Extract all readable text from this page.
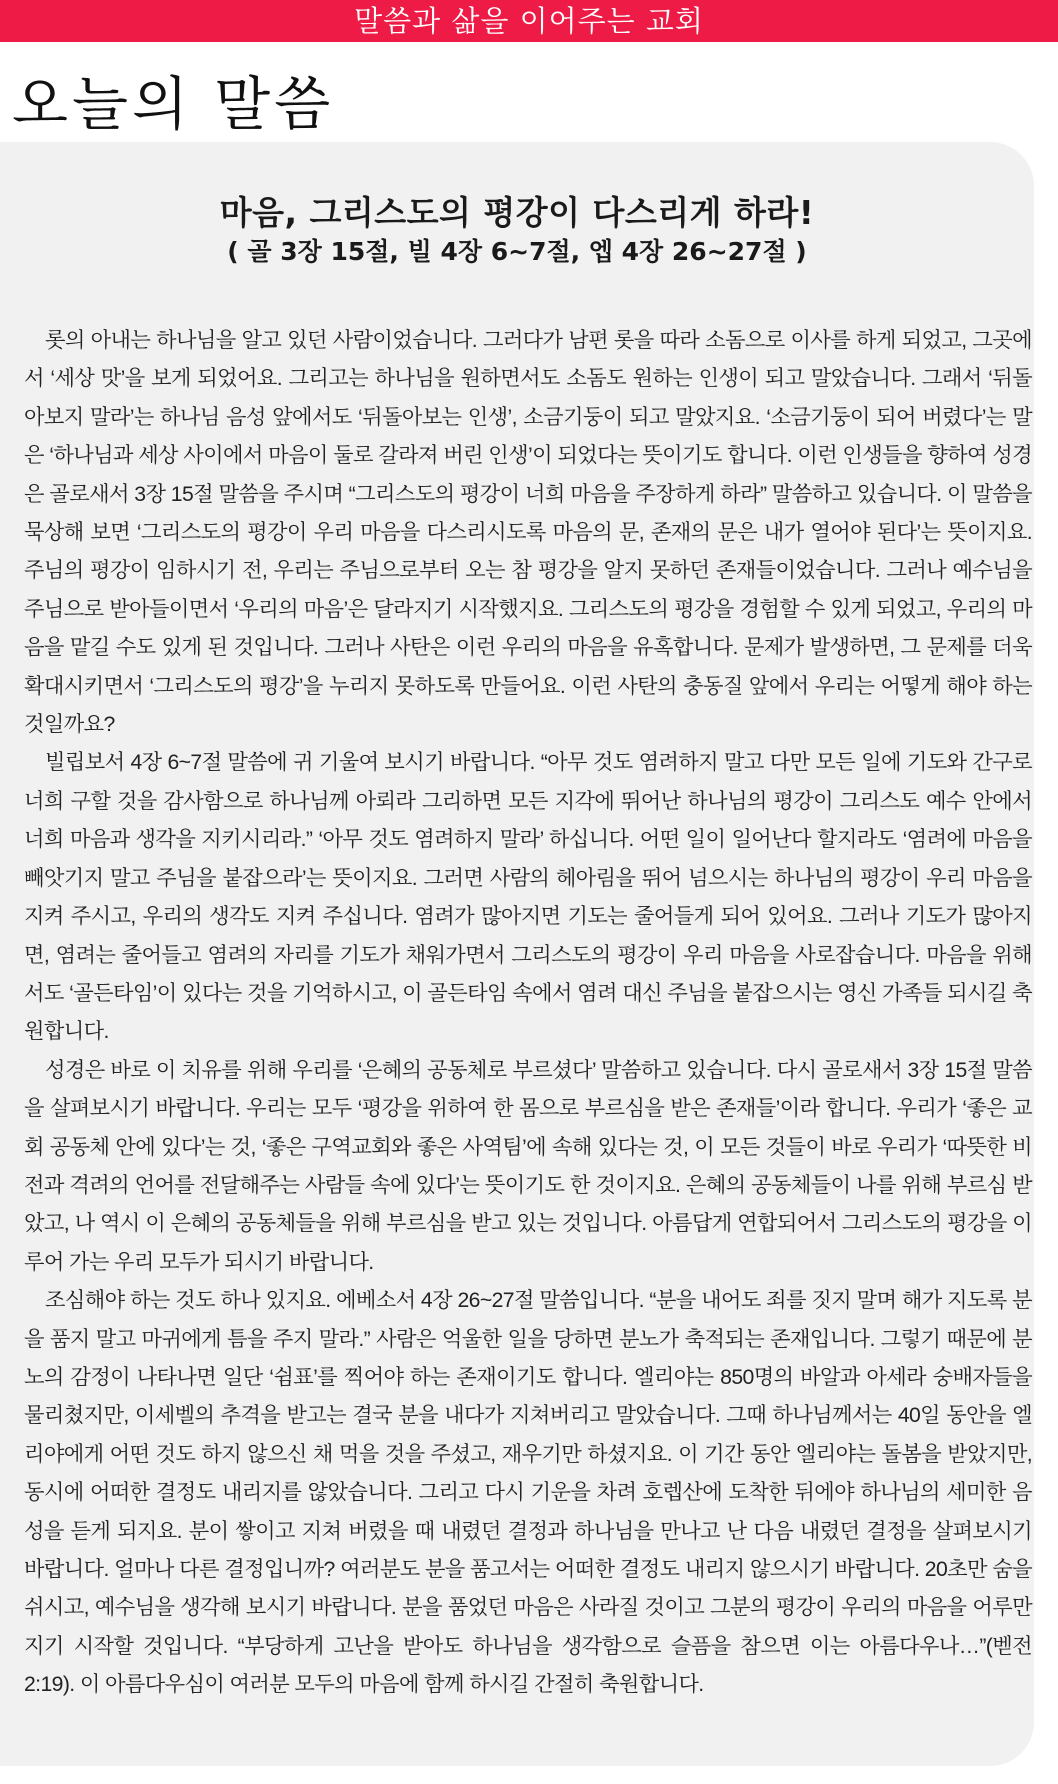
말씀과 삶을 이어주는 교회
오늘의 말씀
마음, 그리스도의 평강이 다스리게 하라!
( 골 3장 15절, 빌 4장 6~7절, 엡 4장 26~27절 )

롯의 아내는 하나님을 알고 있던 사람이었습니다. 그러다가 남편 롯을 따라 소돔으로 이사를 하게 되었고, 그곳에서 ‘세상 맛’을 보게 되었어요. 그리고는 하나님을 원하면서도 소돔도 원하는 인생이 되고 말았습니다. 그래서 ‘뒤돌아보지 말라’는 하나님 음성 앞에서도 ‘뒤돌아보는 인생’, 소금기둥이 되고 말았지요. ‘소금기둥이 되어 버렸다’는 말은 ‘하나님과 세상 사이에서 마음이 둘로 갈라져 버린 인생’이 되었다는 뜻이기도 합니다. 이런 인생들을 향하여 성경은 골로새서 3장 15절 말씀을 주시며 “그리스도의 평강이 너희 마음을 주장하게 하라” 말씀하고 있습니다. 이 말씀을 묵상해 보면 ‘그리스도의 평강이 우리 마음을 다스리시도록 마음의 문, 존재의 문은 내가 열어야 된다’는 뜻이지요. 주님의 평강이 임하시기 전, 우리는 주님으로부터 오는 참 평강을 알지 못하던 존재들이었습니다. 그러나 예수님을 주님으로 받아들이면서 ‘우리의 마음’은 달라지기 시작했지요. 그리스도의 평강을 경험할 수 있게 되었고, 우리의 마음을 맡길 수도 있게 된 것입니다. 그러나 사탄은 이런 우리의 마음을 유혹합니다. 문제가 발생하면, 그 문제를 더욱 확대시키면서 ‘그리스도의 평강’을 누리지 못하도록 만들어요. 이런 사탄의 충동질 앞에서 우리는 어떻게 해야 하는 것일까요?

빌립보서 4장 6~7절 말씀에 귀 기울여 보시기 바랍니다. “아무 것도 염려하지 말고 다만 모든 일에 기도와 간구로 너희 구할 것을 감사함으로 하나님께 아뢰라 그리하면 모든 지각에 뛰어난 하나님의 평강이 그리스도 예수 안에서 너희 마음과 생각을 지키시리라.” ‘아무 것도 염려하지 말라’ 하십니다. 어떤 일이 일어난다 할지라도 ‘염려에 마음을 빼앗기지 말고 주님을 붙잡으라’는 뜻이지요. 그러면 사람의 헤아림을 뛰어 넘으시는 하나님의 평강이 우리 마음을 지켜 주시고, 우리의 생각도 지켜 주십니다. 염려가 많아지면 기도는 줄어들게 되어 있어요. 그러나 기도가 많아지면, 염려는 줄어들고 염려의 자리를 기도가 채워가면서 그리스도의 평강이 우리 마음을 사로잡습니다. 마음을 위해서도 ‘골든타임’이 있다는 것을 기억하시고, 이 골든타임 속에서 염려 대신 주님을 붙잡으시는 영신 가족들 되시길 축원합니다.

성경은 바로 이 치유를 위해 우리를 ‘은혜의 공동체로 부르셨다’ 말씀하고 있습니다. 다시 골로새서 3장 15절 말씀을 살펴보시기 바랍니다. 우리는 모두 ‘평강을 위하여 한 몸으로 부르심을 받은 존재들’이라 합니다. 우리가 ‘좋은 교회 공동체 안에 있다’는 것, ‘좋은 구역교회와 좋은 사역팀’에 속해 있다는 것, 이 모든 것들이 바로 우리가 ‘따뜻한 비전과 격려의 언어를 전달해주는 사람들 속에 있다’는 뜻이기도 한 것이지요. 은혜의 공동체들이 나를 위해 부르심 받았고, 나 역시 이 은혜의 공동체들을 위해 부르심을 받고 있는 것입니다. 아름답게 연합되어서 그리스도의 평강을 이루어 가는 우리 모두가 되시기 바랍니다.

조심해야 하는 것도 하나 있지요. 에베소서 4장 26~27절 말씀입니다. “분을 내어도 죄를 짓지 말며 해가 지도록 분을 품지 말고 마귀에게 틈을 주지 말라.” 사람은 억울한 일을 당하면 분노가 축적되는 존재입니다. 그렇기 때문에 분노의 감정이 나타나면 일단 ‘쉼표’를 찍어야 하는 존재이기도 합니다. 엘리야는 850명의 바알과 아세라 숭배자들을 물리쳤지만, 이세벨의 추격을 받고는 결국 분을 내다가 지쳐버리고 말았습니다. 그때 하나님께서는 40일 동안을 엘리야에게 어떤 것도 하지 않으신 채 먹을 것을 주셨고, 재우기만 하셨지요. 이 기간 동안 엘리야는 돌봄을 받았지만, 동시에 어떠한 결정도 내리지를 않았습니다. 그리고 다시 기운을 차려 호렙산에 도착한 뒤에야 하나님의 세미한 음성을 듣게 되지요. 분이 쌓이고 지쳐 버렸을 때 내렸던 결정과 하나님을 만나고 난 다음 내렸던 결정을 살펴보시기 바랍니다. 얼마나 다른 결정입니까? 여러분도 분을 품고서는 어떠한 결정도 내리지 않으시기 바랍니다. 20초만 숨을 쉬시고, 예수님을 생각해 보시기 바랍니다. 분을 품었던 마음은 사라질 것이고 그분의 평강이 우리의 마음을 어루만지기 시작할 것입니다. “부당하게 고난을 받아도 하나님을 생각함으로 슬픔을 참으면 이는 아름다우나…”(벧전2:19). 이 아름다우심이 여러분 모두의 마음에 함께 하시길 간절히 축원합니다.
